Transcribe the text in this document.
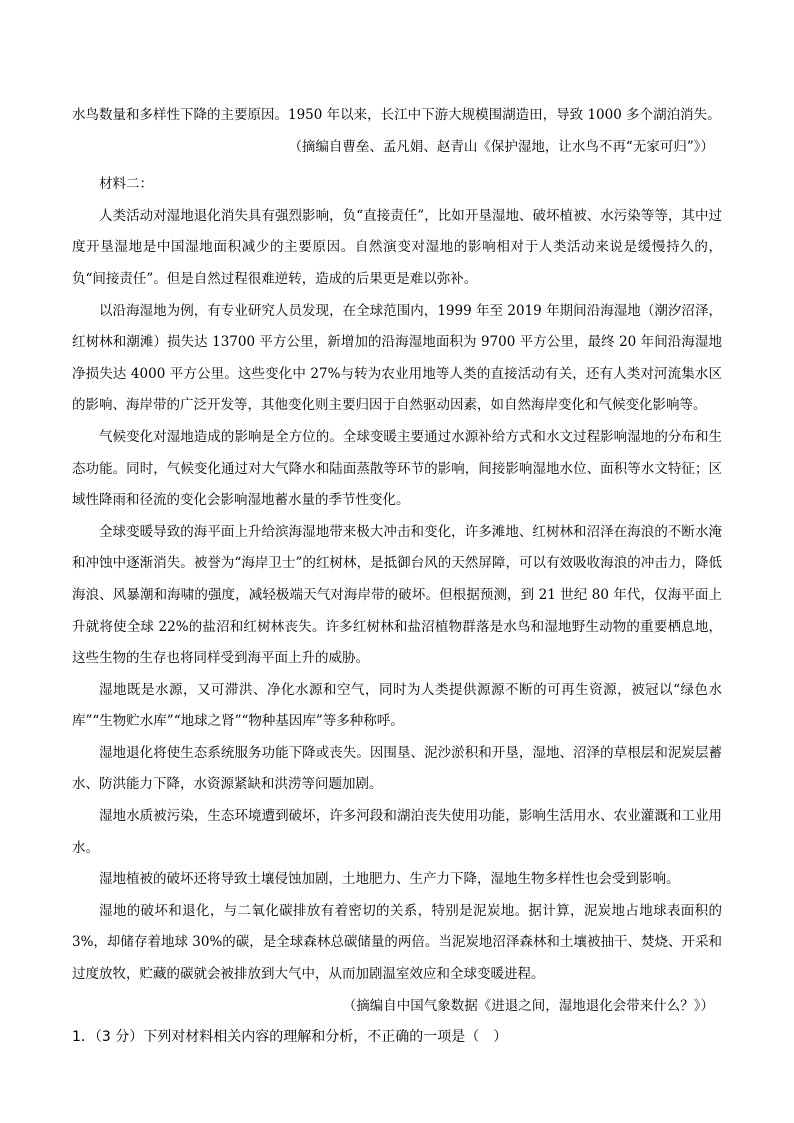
水鸟数量和多样性下降的主要原因。1950 年以来，长江中下游大规模围湖造田，导致 1000 多个湖泊消失。

（摘编自曹垒、孟凡娟、赵青山《保护湿地，让水鸟不再“无家可归”》）

材料二：

人类活动对湿地退化消失具有强烈影响，负“直接责任”，比如开垦湿地、破坏植被、水污染等等，其中过度开垦湿地是中国湿地面积减少的主要原因。自然演变对湿地的影响相对于人类活动来说是缓慢持久的，负“间接责任”。但是自然过程很难逆转，造成的后果更是难以弥补。

以沿海湿地为例，有专业研究人员发现，在全球范围内，1999 年至 2019 年期间沿海湿地（潮汐沼泽，红树林和潮滩）损失达 13700 平方公里，新增加的沿海湿地面积为 9700 平方公里，最终 20 年间沿海湿地净损失达 4000 平方公里。这些变化中 27%与转为农业用地等人类的直接活动有关，还有人类对河流集水区的影响、海岸带的广泛开发等，其他变化则主要归因于自然驱动因素，如自然海岸变化和气候变化影响等。

气候变化对湿地造成的影响是全方位的。全球变暖主要通过水源补给方式和水文过程影响湿地的分布和生态功能。同时，气候变化通过对大气降水和陆面蒸散等环节的影响，间接影响湿地水位、面积等水文特征；区域性降雨和径流的变化会影响湿地蓄水量的季节性变化。

全球变暖导致的海平面上升给滨海湿地带来极大冲击和变化，许多滩地、红树林和沼泽在海浪的不断水淹和冲蚀中逐渐消失。被誉为“海岸卫士”的红树林，是抵御台风的天然屏障，可以有效吸收海浪的冲击力，降低海浪、风暴潮和海啸的强度，减轻极端天气对海岸带的破坏。但根据预测，到 21 世纪 80 年代，仅海平面上升就将使全球 22%的盐沼和红树林丧失。许多红树林和盐沼植物群落是水鸟和湿地野生动物的重要栖息地，这些生物的生存也将同样受到海平面上升的威胁。

湿地既是水源，又可滞洪、净化水源和空气，同时为人类提供源源不断的可再生资源，被冠以“绿色水库”“生物贮水库”“地球之肾”“物种基因库”等多种称呼。

湿地退化将使生态系统服务功能下降或丧失。因围垦、泥沙淤积和开垦，湿地、沼泽的草根层和泥炭层蓄水、防洪能力下降，水资源紧缺和洪涝等问题加剧。

湿地水质被污染，生态环境遭到破坏，许多河段和湖泊丧失使用功能，影响生活用水、农业灌溉和工业用水。

湿地植被的破坏还将导致土壤侵蚀加剧，土地肥力、生产力下降，湿地生物多样性也会受到影响。

湿地的破坏和退化，与二氧化碳排放有着密切的关系，特别是泥炭地。据计算，泥炭地占地球表面积的 3%，却储存着地球 30%的碳，是全球森林总碳储量的两倍。当泥炭地沼泽森林和土壤被抽干、焚烧、开采和过度放牧，贮藏的碳就会被排放到大气中，从而加剧温室效应和全球变暖进程。

（摘编自中国气象数据《进退之间，湿地退化会带来什么？》）

1．（3 分）下列对材料相关内容的理解和分析，不正确的一项是（　）
